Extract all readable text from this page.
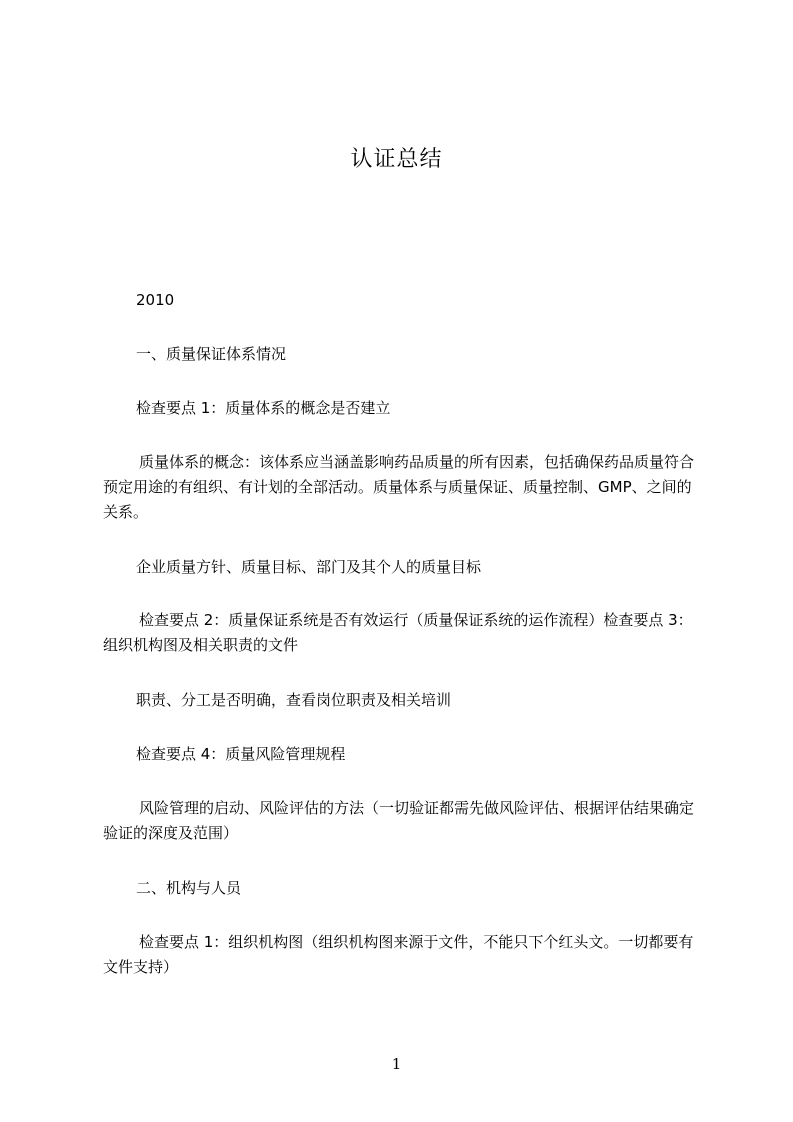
认证总结
2010
一、质量保证体系情况
检查要点 1：质量体系的概念是否建立
质量体系的概念：该体系应当涵盖影响药品质量的所有因素，包括确保药品质量符合预定用途的有组织、有计划的全部活动。质量体系与质量保证、质量控制、GMP、之间的关系。
企业质量方针、质量目标、部门及其个人的质量目标
检查要点 2：质量保证系统是否有效运行（质量保证系统的运作流程）检查要点 3：组织机构图及相关职责的文件
职责、分工是否明确，查看岗位职责及相关培训
检查要点 4：质量风险管理规程
风险管理的启动、风险评估的方法（一切验证都需先做风险评估、根据评估结果确定验证的深度及范围）
二、机构与人员
检查要点 1：组织机构图（组织机构图来源于文件，不能只下个红头文。一切都要有文件支持）
1
